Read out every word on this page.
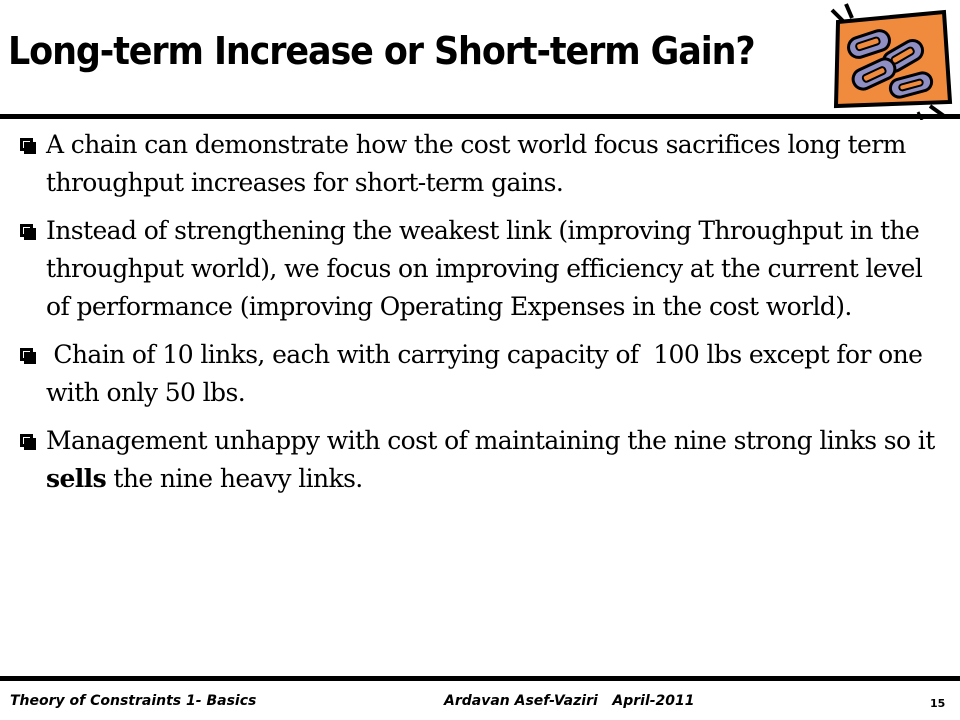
Long-term Increase or Short-term Gain?
A chain can demonstrate how the cost world focus sacrifices long term throughput increases for short-term gains.
Instead of strengthening the weakest link (improving Throughput in the throughput world), we focus on improving efficiency at the current level of performance (improving Operating Expenses in the cost world).
Chain of 10 links, each with carrying capacity of  100 lbs except for one with only 50 lbs.
Management unhappy with cost of maintaining the nine strong links so it sells the nine heavy links.
Theory of Constraints 1- Basics	Ardavan Asef-Vaziri   April-2011	15
